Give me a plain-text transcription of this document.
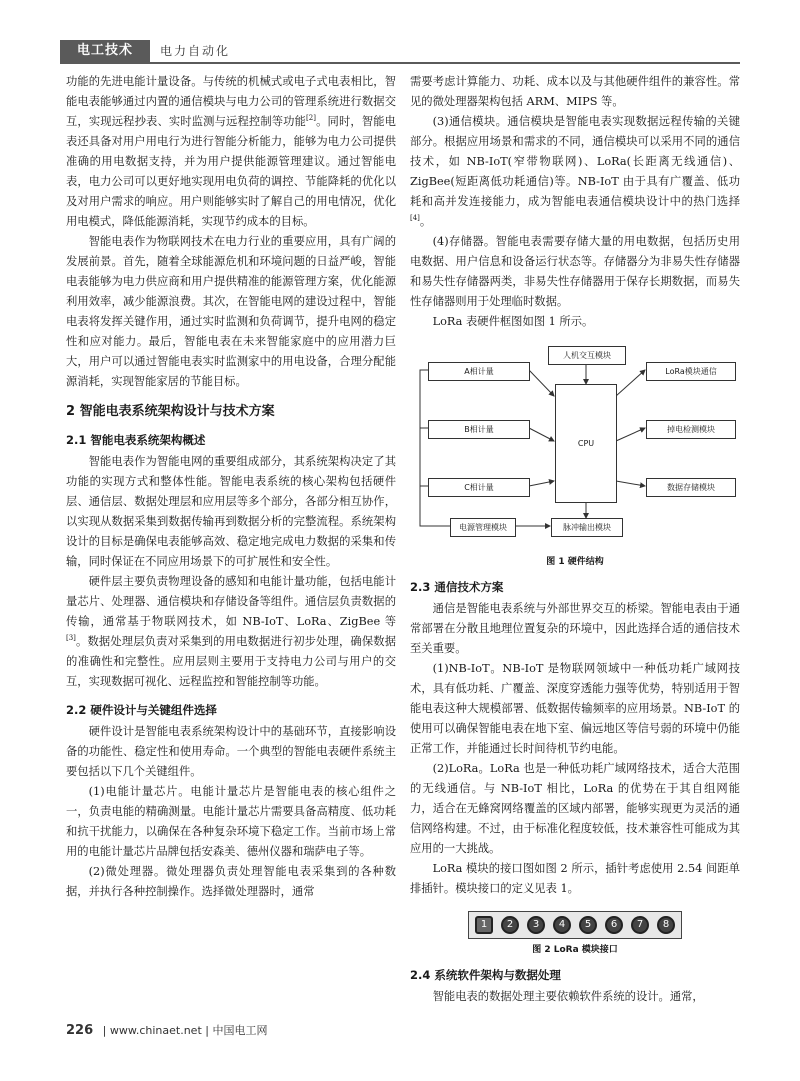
电工技术	电力自动化

功能的先进电能计量设备。与传统的机械式或电子式电表相比，智能电表能够通过内置的通信模块与电力公司的管理系统进行数据交互，实现远程抄表、实时监测与远程控制等功能[2]。同时，智能电表还具备对用户用电行为进行智能分析能力，能够为电力公司提供准确的用电数据支持，并为用户提供能源管理建议。通过智能电表，电力公司可以更好地实现用电负荷的调控、节能降耗的优化以及对用户需求的响应。用户则能够实时了解自己的用电情况，优化用电模式，降低能源消耗，实现节约成本的目标。

智能电表作为物联网技术在电力行业的重要应用，具有广阔的发展前景。首先，随着全球能源危机和环境问题的日益严峻，智能电表能够为电力供应商和用户提供精准的能源管理方案，优化能源利用效率，减少能源浪费。其次，在智能电网的建设过程中，智能电表将发挥关键作用，通过实时监测和负荷调节，提升电网的稳定性和应对能力。最后，智能电表在未来智能家庭中的应用潜力巨大，用户可以通过智能电表实时监测家中的用电设备，合理分配能源消耗，实现智能家居的节能目标。

2 智能电表系统架构设计与技术方案
2.1 智能电表系统架构概述

智能电表作为智能电网的重要组成部分，其系统架构决定了其功能的实现方式和整体性能。智能电表系统的核心架构包括硬件层、通信层、数据处理层和应用层等多个部分，各部分相互协作，以实现从数据采集到数据传输再到数据分析的完整流程。系统架构设计的目标是确保电表能够高效、稳定地完成电力数据的采集和传输，同时保证在不同应用场景下的可扩展性和安全性。

硬件层主要负责物理设备的感知和电能计量功能，包括电能计量芯片、处理器、通信模块和存储设备等组件。通信层负责数据的传输，通常基于物联网技术，如 NB-IoT、LoRa、ZigBee 等[3]。数据处理层负责对采集到的用电数据进行初步处理，确保数据的准确性和完整性。应用层则主要用于支持电力公司与用户的交互，实现数据可视化、远程监控和智能控制等功能。

2.2 硬件设计与关键组件选择

硬件设计是智能电表系统架构设计中的基础环节，直接影响设备的功能性、稳定性和使用寿命。一个典型的智能电表硬件系统主要包括以下几个关键组件。

(1)电能计量芯片。电能计量芯片是智能电表的核心组件之一，负责电能的精确测量。电能计量芯片需要具备高精度、低功耗和抗干扰能力，以确保在各种复杂环境下稳定工作。当前市场上常用的电能计量芯片品牌包括安森美、德州仪器和瑞萨电子等。

(2)微处理器。微处理器负责处理智能电表采集到的各种数据，并执行各种控制操作。选择微处理器时，通常

需要考虑计算能力、功耗、成本以及与其他硬件组件的兼容性。常见的微处理器架构包括 ARM、MIPS 等。

(3)通信模块。通信模块是智能电表实现数据远程传输的关键部分。根据应用场景和需求的不同，通信模块可以采用不同的通信技术，如 NB-IoT(窄带物联网)、LoRa(长距离无线通信)、ZigBee(短距离低功耗通信)等。NB-IoT 由于具有广覆盖、低功耗和高并发连接能力，成为智能电表通信模块设计中的热门选择[4]。

(4)存储器。智能电表需要存储大量的用电数据，包括历史用电数据、用户信息和设备运行状态等。存储器分为非易失性存储器和易失性存储器两类，非易失性存储器用于保存长期数据，而易失性存储器则用于处理临时数据。

LoRa 表硬件框图如图 1 所示。

人机交互模块
A相计量
B相计量
C相计量
CPU
LoRa模块通信
掉电检测模块
数据存储模块
电源管理模块	脉冲输出模块
图 1 硬件结构
2.3 通信技术方案

通信是智能电表系统与外部世界交互的桥梁。智能电表由于通常部署在分散且地理位置复杂的环境中，因此选择合适的通信技术至关重要。

(1)NB-IoT。NB-IoT 是物联网领域中一种低功耗广域网技术，具有低功耗、广覆盖、深度穿透能力强等优势，特别适用于智能电表这种大规模部署、低数据传输频率的应用场景。NB-IoT 的使用可以确保智能电表在地下室、偏远地区等信号弱的环境中仍能正常工作，并能通过长时间待机节约电能。

(2)LoRa。LoRa 也是一种低功耗广域网络技术，适合大范围的无线通信。与 NB-IoT 相比，LoRa 的优势在于其自组网能力，适合在无蜂窝网络覆盖的区域内部署，能够实现更为灵活的通信网络构建。不过，由于标准化程度较低，技术兼容性可能成为其应用的一大挑战。

LoRa 模块的接口图如图 2 所示，插针考虑使用 2.54 间距单排插针。模块接口的定义见表 1。

1	2	3	4	5	6	7	8
图 2 LoRa 模块接口
2.4 系统软件架构与数据处理

智能电表的数据处理主要依赖软件系统的设计。通常，

226 | www.chinaet.net | 中国电工网
